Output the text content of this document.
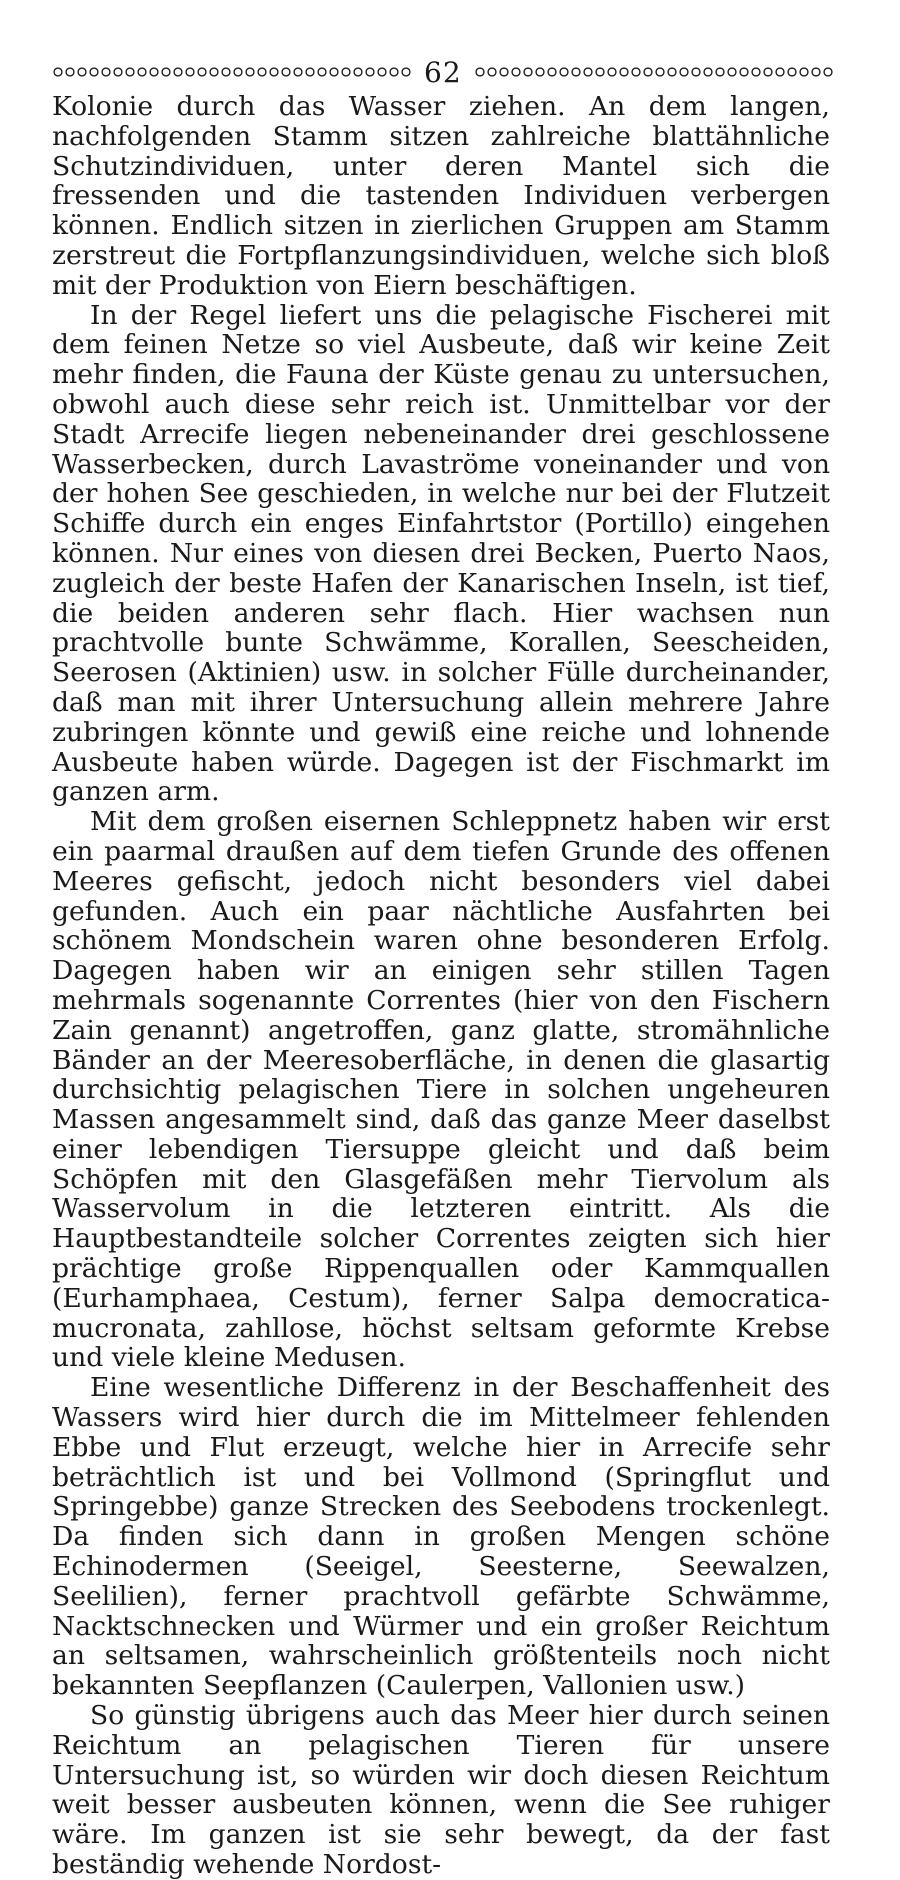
62

Kolonie durch das Wasser ziehen. An dem langen, nachfolgenden Stamm sitzen zahlreiche blattähnliche Schutzindividuen, unter deren Mantel sich die fressenden und die tastenden Individuen verbergen können. Endlich sitzen in zierlichen Gruppen am Stamm zerstreut die Fortpflanzungsindividuen, welche sich bloß mit der Produktion von Eiern beschäftigen.

In der Regel liefert uns die pelagische Fischerei mit dem feinen Netze so viel Ausbeute, daß wir keine Zeit mehr finden, die Fauna der Küste genau zu untersuchen, obwohl auch diese sehr reich ist. Unmittelbar vor der Stadt Arrecife liegen nebeneinander drei geschlossene Wasserbecken, durch Lavaströme voneinander und von der hohen See geschieden, in welche nur bei der Flutzeit Schiffe durch ein enges Einfahrtstor (Portillo) eingehen können. Nur eines von diesen drei Becken, Puerto Naos, zugleich der beste Hafen der Kanarischen Inseln, ist tief, die beiden anderen sehr flach. Hier wachsen nun prachtvolle bunte Schwämme, Korallen, Seescheiden, Seerosen (Aktinien) usw. in solcher Fülle durcheinander, daß man mit ihrer Untersuchung allein mehrere Jahre zubringen könnte und gewiß eine reiche und lohnende Ausbeute haben würde. Dagegen ist der Fischmarkt im ganzen arm.

Mit dem großen eisernen Schleppnetz haben wir erst ein paarmal draußen auf dem tiefen Grunde des offenen Meeres gefischt, jedoch nicht besonders viel dabei gefunden. Auch ein paar nächtliche Ausfahrten bei schönem Mondschein waren ohne besonderen Erfolg. Dagegen haben wir an einigen sehr stillen Tagen mehrmals sogenannte Correntes (hier von den Fischern Zain genannt) angetroffen, ganz glatte, stromähnliche Bänder an der Meeresoberfläche, in denen die glasartig durchsichtig pelagischen Tiere in solchen ungeheuren Massen angesammelt sind, daß das ganze Meer daselbst einer lebendigen Tiersuppe gleicht und daß beim Schöpfen mit den Glasgefäßen mehr Tiervolum als Wasservolum in die letzteren eintritt. Als die Hauptbestandteile solcher Correntes zeigten sich hier prächtige große Rippenquallen oder Kammquallen (Eurhamphaea, Cestum), ferner Salpa democratica-mucronata, zahllose, höchst seltsam geformte Krebse und viele kleine Medusen.

Eine wesentliche Differenz in der Beschaffenheit des Wassers wird hier durch die im Mittelmeer fehlenden Ebbe und Flut erzeugt, welche hier in Arrecife sehr beträchtlich ist und bei Vollmond (Springflut und Springebbe) ganze Strecken des Seebodens trockenlegt. Da finden sich dann in großen Mengen schöne Echinodermen (Seeigel, Seesterne, Seewalzen, Seelilien), ferner prachtvoll gefärbte Schwämme, Nacktschnecken und Würmer und ein großer Reichtum an seltsamen, wahrscheinlich größtenteils noch nicht bekannten Seepflanzen (Caulerpen, Vallonien usw.)

So günstig übrigens auch das Meer hier durch seinen Reichtum an pelagischen Tieren für unsere Untersuchung ist, so würden wir doch diesen Reichtum weit besser ausbeuten können, wenn die See ruhiger wäre. Im ganzen ist sie sehr bewegt, da der fast beständig wehende Nordost-
